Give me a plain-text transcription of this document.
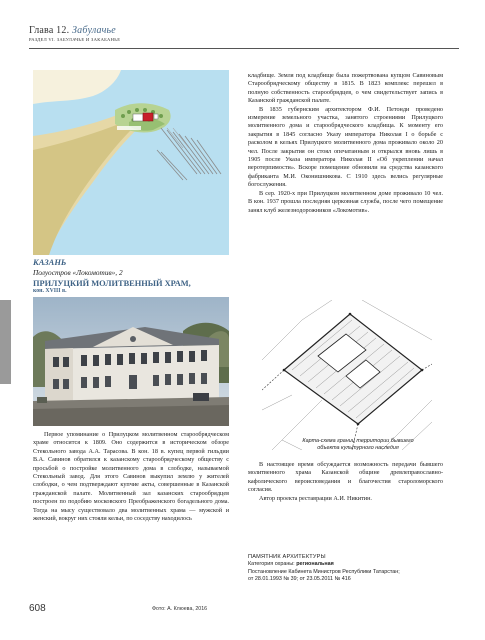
Глава 12. Забулачье
РАЗДЕЛ VI. ЗАБУЛАЧЬЕ И ЗАКАБАНЬЕ
КАЗАНЬ
Полуостров «Локомотив», 2
ПРИЛУЦКИЙ МОЛИТВЕННЫЙ ХРАМ,
кон. XVIII в.

Первое упоминание о Прилуцком молитвенном старообрядческом храме относится к 1809. Оно содержится в историческом обзоре Стекольного завода А.А. Тарасова. В кон. 18 в. купец первой гильдии В.А. Савинов обратился к казанскому старообрядческому обществу с просьбой о постройке молитвенного дома в слободке, называемой Стекольный завод. Для этого Савинов выкупил землю у жителей слободки, о чем подтверждают купчие акты, совершенные в Казанской гражданской палате. Молитвенный зал казанских старообрядцев построен по подобию московского Преображенского богадельного дома. Тогда на мысу существовало два молитвенных храма — мужской и женский, вокруг них стояли кельи, по соседству находилось

кладбище. Земля под кладбище была пожертвована купцом Савиновым Старообрядческому обществу в 1815. В 1823 комплекс перешел в полную собственность старообрядцев, о чем свидетельствует запись в Казанской гражданской палате.

В 1835 губернским архитектором Ф.И. Петонди проведено измерение земельного участка, занятого строениями Прилуцкого молитвенного дома и старообрядческого кладбища. К моменту его закрытия в 1845 согласно Указу императора Николая I о борьбе с расколом в кельях Прилуцкого молитвенного дома проживало около 20 чел. После закрытия он стоял опечатанным и открылся вновь лишь в 1905 после Указа императора Николая II «Об укреплении начал веротерпимости». Вскоре помещение обновили на средства казанского фабриканта М.И. Оконишникова. С 1910 здесь велись регулярные богослужения.

В сер. 1920-х при Прилуцком молитвенном доме проживало 10 чел. В кон. 1937 прошла последняя церковная служба, после чего помещение занял клуб железнодорожников «Локомотив».

Карта-схема границ территории бывшего объекта культурного наследия

В настоящее время обсуждается возможность передачи бывшего молитвенного храма Казанской общине древлеправославно-кафолического вероисповедания и благочестия староломорского согласия.

Автор проекта реставрации А.И. Никитин.

ПАМЯТНИК АРХИТЕКТУРЫ
Категория охраны: региональная
Постановление Кабинета Министров Республики Татарстан;
от 28.01.1993 № 39; от 23.05.2011 № 416
608	Фото: А. Клюева, 2016
